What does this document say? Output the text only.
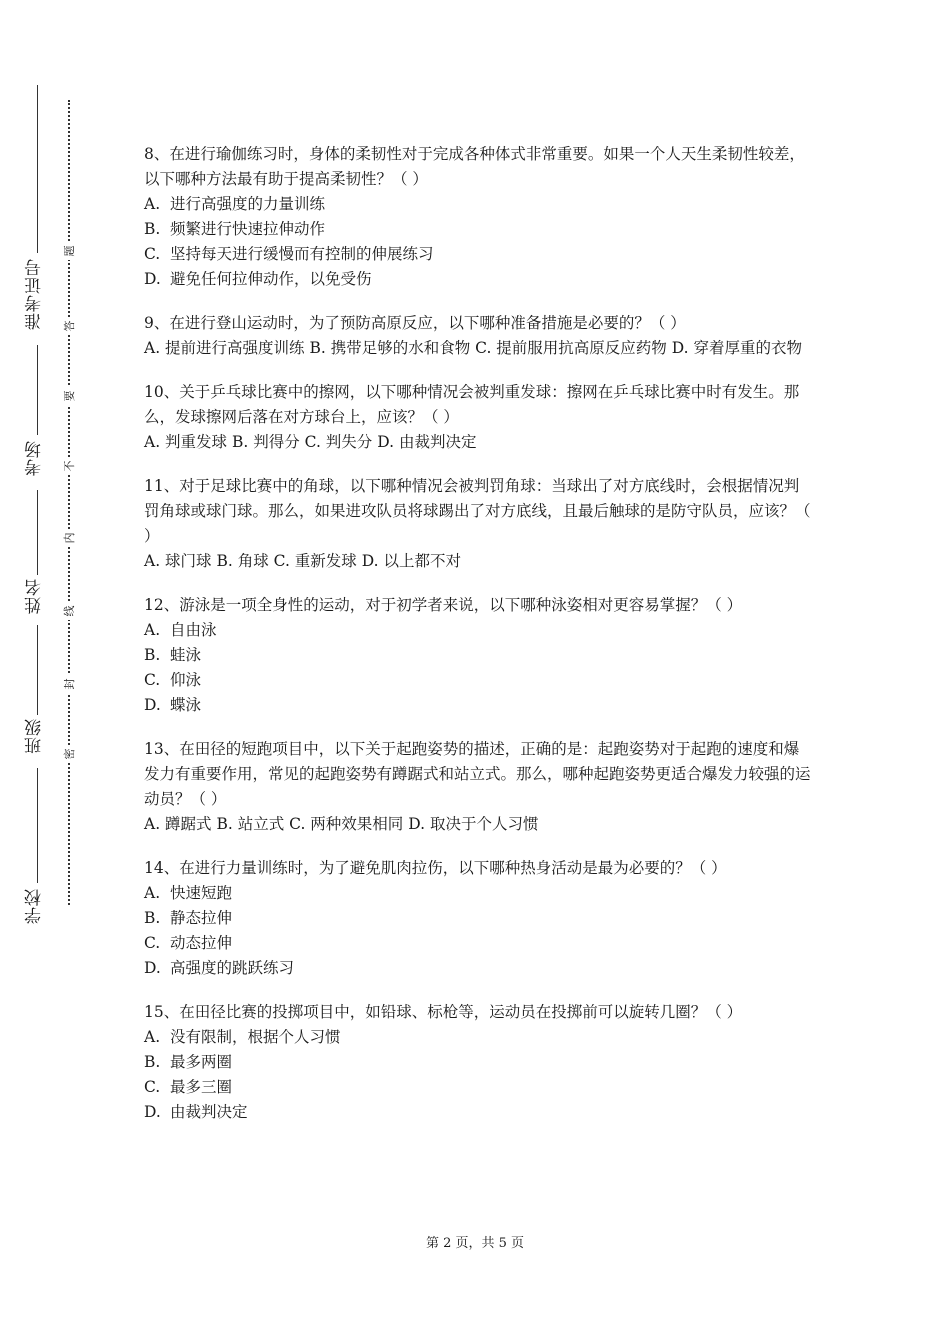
准考证号
考场
姓名
班级
学校
题
答
要
不
内
线
封
密

8、在进行瑜伽练习时，身体的柔韧性对于完成各种体式非常重要。如果一个人天生柔韧性较差，以下哪种方法最有助于提高柔韧性？（ ）

A. 进行高强度的力量训练

B. 频繁进行快速拉伸动作

C. 坚持每天进行缓慢而有控制的伸展练习

D. 避免任何拉伸动作，以免受伤

9、在进行登山运动时，为了预防高原反应，以下哪种准备措施是必要的？（ ）

A. 提前进行高强度训练 B. 携带足够的水和食物 C. 提前服用抗高原反应药物 D. 穿着厚重的衣物

10、关于乒乓球比赛中的擦网，以下哪种情况会被判重发球：擦网在乒乓球比赛中时有发生。那么，发球擦网后落在对方球台上，应该？（ ）

A. 判重发球 B. 判得分 C. 判失分 D. 由裁判决定

11、对于足球比赛中的角球，以下哪种情况会被判罚角球：当球出了对方底线时，会根据情况判罚角球或球门球。那么，如果进攻队员将球踢出了对方底线，且最后触球的是防守队员，应该？（ ）

A. 球门球 B. 角球 C. 重新发球 D. 以上都不对

12、游泳是一项全身性的运动，对于初学者来说，以下哪种泳姿相对更容易掌握？（ ）

A. 自由泳

B. 蛙泳

C. 仰泳

D. 蝶泳

13、在田径的短跑项目中，以下关于起跑姿势的描述，正确的是：起跑姿势对于起跑的速度和爆发力有重要作用，常见的起跑姿势有蹲踞式和站立式。那么，哪种起跑姿势更适合爆发力较强的运动员？（ ）

A. 蹲踞式 B. 站立式 C. 两种效果相同 D. 取决于个人习惯

14、在进行力量训练时，为了避免肌肉拉伤，以下哪种热身活动是最为必要的？（ ）

A. 快速短跑

B. 静态拉伸

C. 动态拉伸

D. 高强度的跳跃练习

15、在田径比赛的投掷项目中，如铅球、标枪等，运动员在投掷前可以旋转几圈？（ ）

A. 没有限制，根据个人习惯

B. 最多两圈

C. 最多三圈

D. 由裁判决定

第 2 页，共 5 页
